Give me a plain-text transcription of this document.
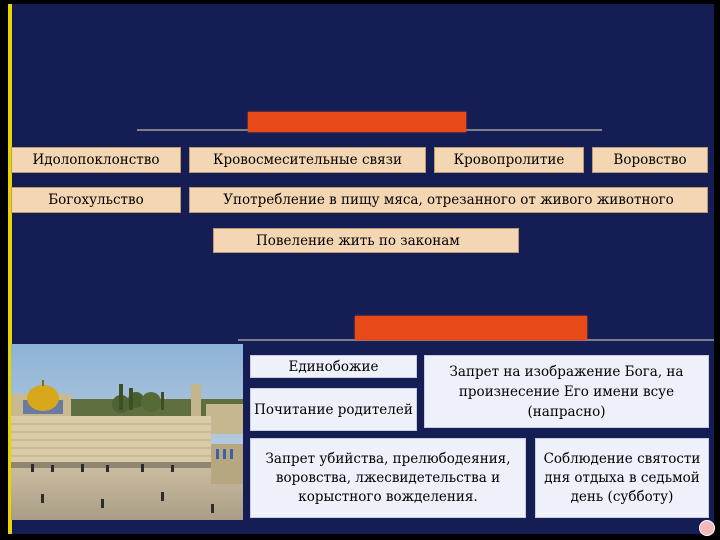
Идолопоклонство	Кровосмесительные связи	Кровопролитие	Воровство
Богохульство	Употребление в пищу мяса, отрезанного от живого животного
Повеление жить по законам
Единобожие
Почитание родителей
Запрет на изображение Бога, на произнесение Его имени всуе (напрасно)
Запрет убийства, прелюбодеяния, воровства, лжесвидетельства и корыстного вожделения.
Соблюдение святости дня отдыха в седьмой день (субботу)
